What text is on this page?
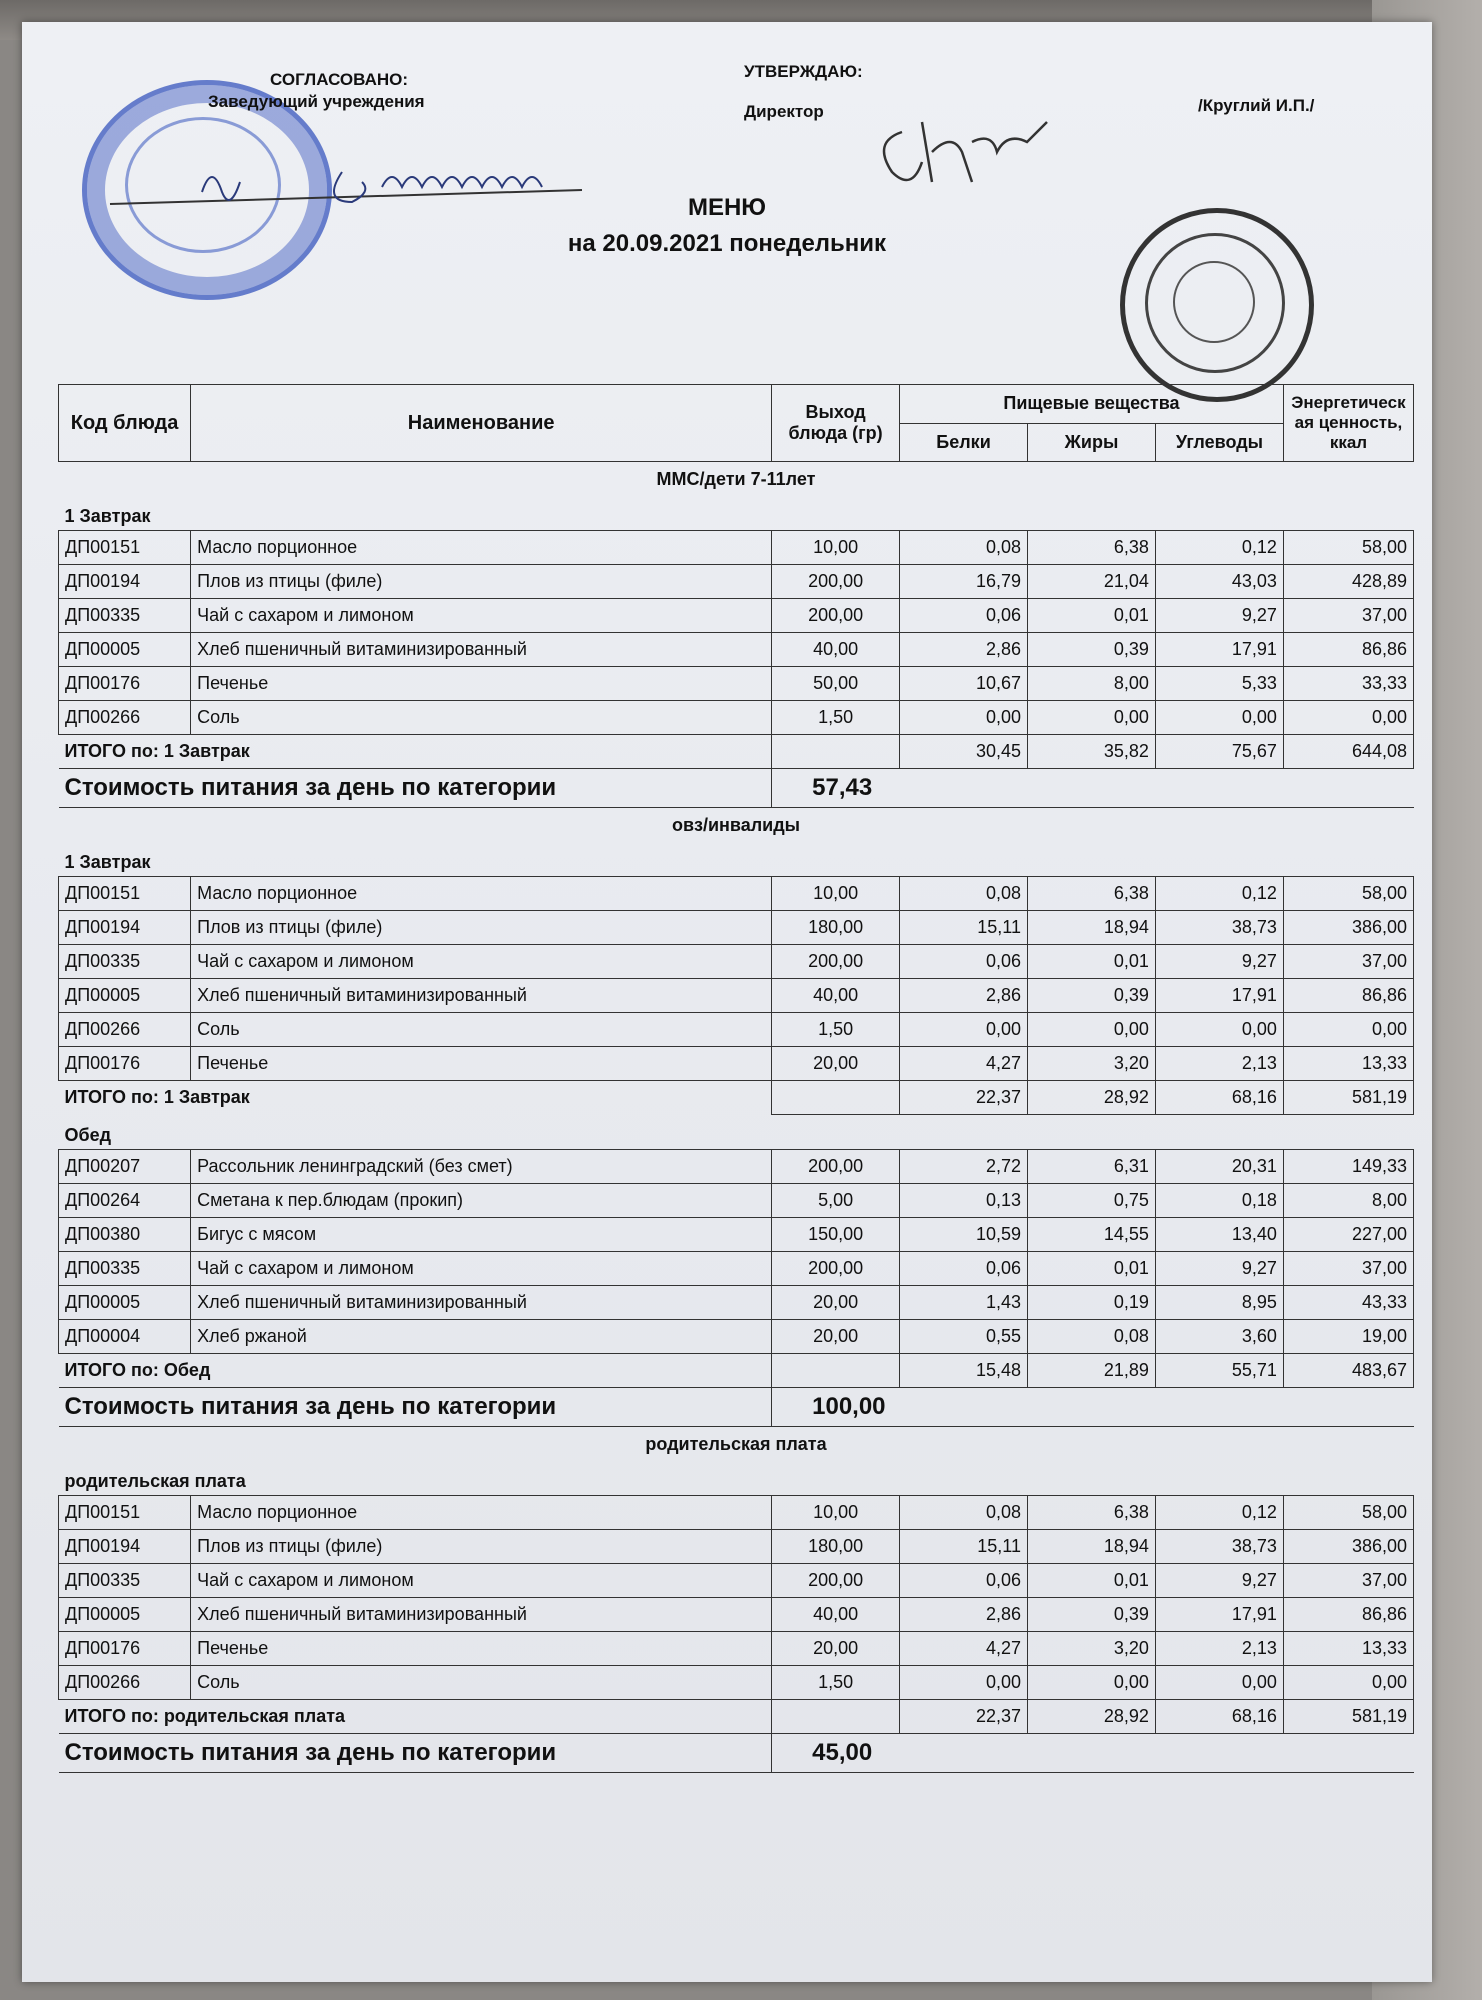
СОГЛАСОВАНО:
Заведующий учреждения
УТВЕРЖДАЮ:
Директор	/Круглий И.П./
МЕНЮ
на 20.09.2021 понедельник
Код блюда	Наименование	Выход блюда (гр)	Пищевые вещества			Энергетическая ценность, ккал
			Белки	Жиры	Углеводы	
ММС/дети 7-11лет						
1 Завтрак						
ДП00151	Масло порционное	10,00	0,08	6,38	0,12	58,00
ДП00194	Плов из птицы (филе)	200,00	16,79	21,04	43,03	428,89
ДП00335	Чай с сахаром и лимоном	200,00	0,06	0,01	9,27	37,00
ДП00005	Хлеб пшеничный витаминизированный	40,00	2,86	0,39	17,91	86,86
ДП00176	Печенье	50,00	10,67	8,00	5,33	33,33
ДП00266	Соль	1,50	0,00	0,00	0,00	0,00
ИТОГО по: 1 Завтрак			30,45	35,82	75,67	644,08
Стоимость питания за день по категории		57,43				
овз/инвалиды						
1 Завтрак						
ДП00151	Масло порционное	10,00	0,08	6,38	0,12	58,00
ДП00194	Плов из птицы (филе)	180,00	15,11	18,94	38,73	386,00
ДП00335	Чай с сахаром и лимоном	200,00	0,06	0,01	9,27	37,00
ДП00005	Хлеб пшеничный витаминизированный	40,00	2,86	0,39	17,91	86,86
ДП00266	Соль	1,50	0,00	0,00	0,00	0,00
ДП00176	Печенье	20,00	4,27	3,20	2,13	13,33
ИТОГО по: 1 Завтрак			22,37	28,92	68,16	581,19
Обед						
ДП00207	Рассольник ленинградский (без смет)	200,00	2,72	6,31	20,31	149,33
ДП00264	Сметана к пер.блюдам (прокип)	5,00	0,13	0,75	0,18	8,00
ДП00380	Бигус с мясом	150,00	10,59	14,55	13,40	227,00
ДП00335	Чай с сахаром и лимоном	200,00	0,06	0,01	9,27	37,00
ДП00005	Хлеб пшеничный витаминизированный	20,00	1,43	0,19	8,95	43,33
ДП00004	Хлеб ржаной	20,00	0,55	0,08	3,60	19,00
ИТОГО по: Обед			15,48	21,89	55,71	483,67
Стоимость питания за день по категории		100,00				
родительская плата						
родительская плата						
ДП00151	Масло порционное	10,00	0,08	6,38	0,12	58,00
ДП00194	Плов из птицы (филе)	180,00	15,11	18,94	38,73	386,00
ДП00335	Чай с сахаром и лимоном	200,00	0,06	0,01	9,27	37,00
ДП00005	Хлеб пшеничный витаминизированный	40,00	2,86	0,39	17,91	86,86
ДП00176	Печенье	20,00	4,27	3,20	2,13	13,33
ДП00266	Соль	1,50	0,00	0,00	0,00	0,00
ИТОГО по: родительская плата			22,37	28,92	68,16	581,19
Стоимость питания за день по категории		45,00				
